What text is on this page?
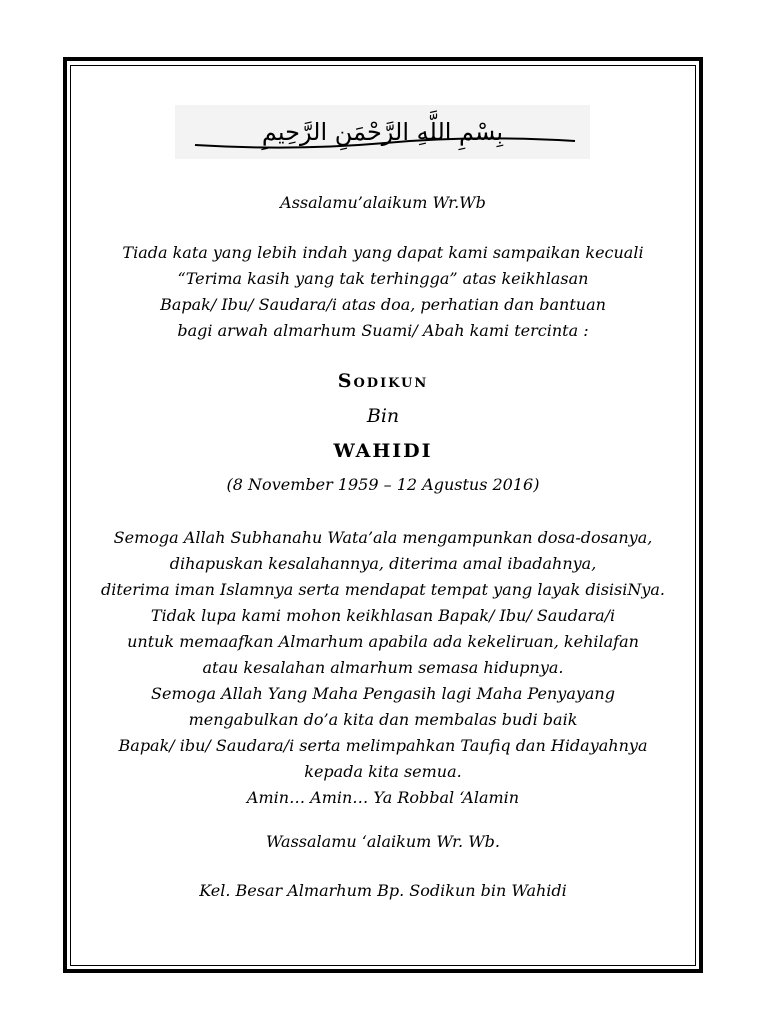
بِسْمِ اللَّهِ الرَّحْمَنِ الرَّحِيمِ
Assalamu’alaikum Wr.Wb
Tiada kata yang lebih indah yang dapat kami sampaikan kecuali
“Terima kasih yang tak terhingga” atas keikhlasan
Bapak/ Ibu/ Saudara/i atas doa, perhatian dan bantuan
bagi arwah almarhum Suami/ Abah kami tercinta :
Sodikun
Bin
WAHIDI
(8 November 1959 – 12 Agustus 2016)
Semoga Allah Subhanahu Wata’ala mengampunkan dosa-dosanya,
dihapuskan kesalahannya, diterima amal ibadahnya,
diterima iman Islamnya serta mendapat tempat yang layak disisiNya.
Tidak lupa kami mohon keikhlasan Bapak/ Ibu/ Saudara/i
untuk memaafkan Almarhum apabila ada kekeliruan, kehilafan
atau kesalahan almarhum semasa hidupnya.
Semoga Allah Yang Maha Pengasih lagi Maha Penyayang
mengabulkan do’a kita dan membalas budi baik
Bapak/ ibu/ Saudara/i serta melimpahkan Taufiq dan Hidayahnya
kepada kita semua.
Amin… Amin… Ya Robbal ‘Alamin
Wassalamu ‘alaikum Wr. Wb.
Kel. Besar Almarhum Bp. Sodikun bin Wahidi
